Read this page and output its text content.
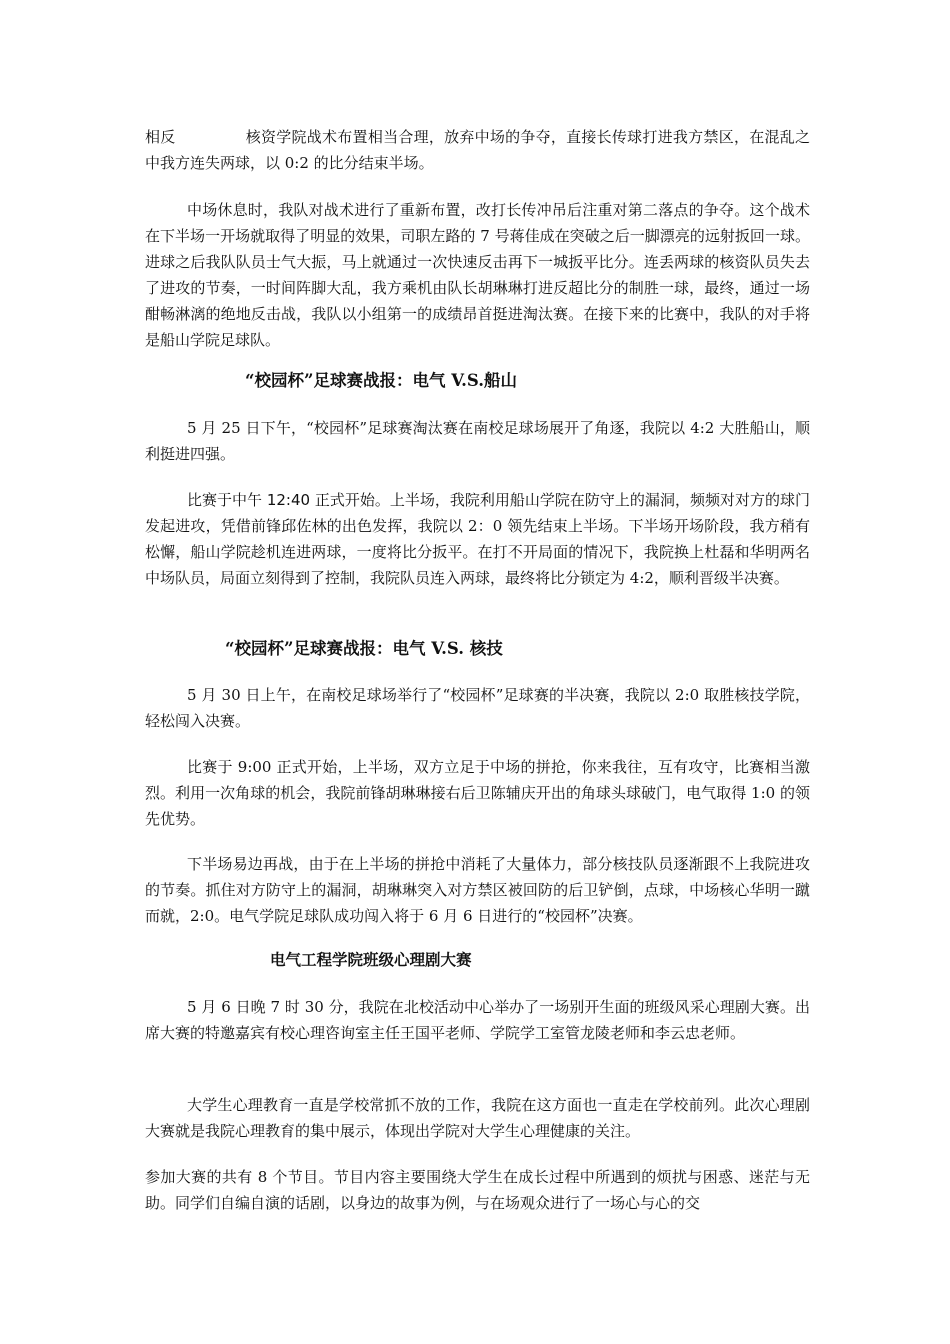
相反	核资学院战术布置相当合理，放弃中场的争夺，直接长传球打进我方禁区，在混乱之中我方连失两球，以 0:2 的比分结束半场。

中场休息时，我队对战术进行了重新布置，改打长传冲吊后注重对第二落点的争夺。这个战术在下半场一开场就取得了明显的效果，司职左路的 7 号蒋佳成在突破之后一脚漂亮的远射扳回一球。进球之后我队队员士气大振，马上就通过一次快速反击再下一城扳平比分。连丢两球的核资队员失去了进攻的节奏，一时间阵脚大乱，我方乘机由队长胡琳琳打进反超比分的制胜一球，最终，通过一场酣畅淋漓的绝地反击战，我队以小组第一的成绩昂首挺进淘汰赛。在接下来的比赛中，我队的对手将是船山学院足球队。

“校园杯”足球赛战报：电气 V.S.船山

5 月 25 日下午，“校园杯”足球赛淘汰赛在南校足球场展开了角逐，我院以 4:2 大胜船山，顺利挺进四强。

比赛于中午 12:40 正式开始。上半场，我院利用船山学院在防守上的漏洞，频频对对方的球门发起进攻，凭借前锋邱佐林的出色发挥，我院以 2：0 领先结束上半场。下半场开场阶段，我方稍有松懈，船山学院趁机连进两球，一度将比分扳平。在打不开局面的情况下，我院换上杜磊和华明两名中场队员，局面立刻得到了控制，我院队员连入两球，最终将比分锁定为 4:2，顺利晋级半决赛。

“校园杯”足球赛战报：电气 V.S. 核技

5 月 30 日上午，在南校足球场举行了“校园杯”足球赛的半决赛，我院以 2:0 取胜核技学院，轻松闯入决赛。

比赛于 9:00 正式开始，上半场，双方立足于中场的拼抢，你来我往，互有攻守，比赛相当激烈。利用一次角球的机会，我院前锋胡琳琳接右后卫陈辅庆开出的角球头球破门，电气取得 1:0 的领先优势。

下半场易边再战，由于在上半场的拼抢中消耗了大量体力，部分核技队员逐渐跟不上我院进攻的节奏。抓住对方防守上的漏洞，胡琳琳突入对方禁区被回防的后卫铲倒，点球，中场核心华明一蹴而就，2:0。电气学院足球队成功闯入将于 6 月 6 日进行的“校园杯”决赛。

电气工程学院班级心理剧大赛

5 月 6 日晚 7 时 30 分，我院在北校活动中心举办了一场别开生面的班级风采心理剧大赛。出席大赛的特邀嘉宾有校心理咨询室主任王国平老师、学院学工室管龙陵老师和李云忠老师。

大学生心理教育一直是学校常抓不放的工作，我院在这方面也一直走在学校前列。此次心理剧大赛就是我院心理教育的集中展示，体现出学院对大学生心理健康的关注。

参加大赛的共有 8 个节目。节目内容主要围绕大学生在成长过程中所遇到的烦扰与困惑、迷茫与无助。同学们自编自演的话剧，以身边的故事为例，与在场观众进行了一场心与心的交
